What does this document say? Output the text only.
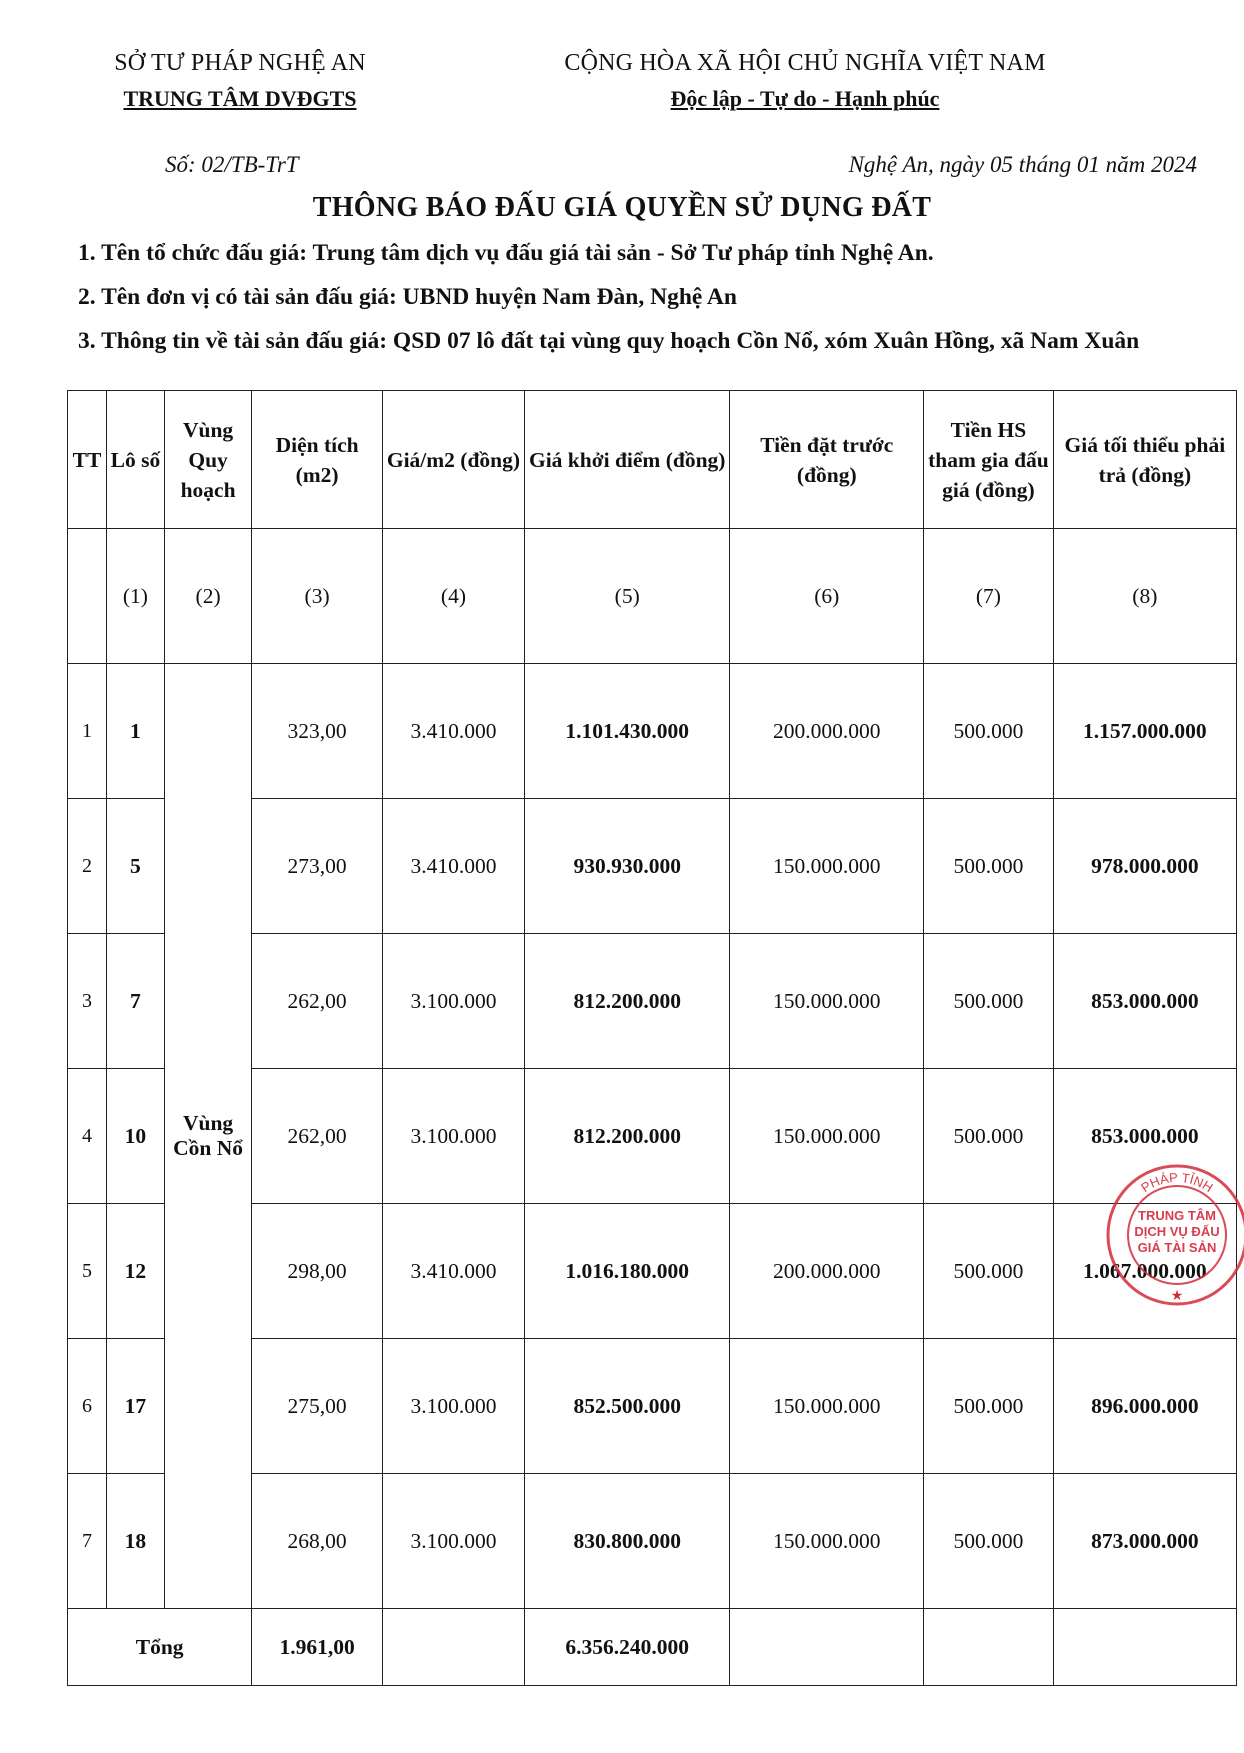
SỞ TƯ PHÁP NGHỆ AN
TRUNG TÂM DVĐGTS
CỘNG HÒA XÃ HỘI CHỦ NGHĨA VIỆT NAM
Độc lập - Tự do - Hạnh phúc
Số: 02/TB-TrT	Nghệ An, ngày 05 tháng 01 năm 2024
THÔNG BÁO ĐẤU GIÁ QUYỀN SỬ DỤNG ĐẤT
1. Tên tổ chức đấu giá: Trung tâm dịch vụ đấu giá tài sản - Sở Tư pháp tỉnh Nghệ An.
2. Tên đơn vị có tài sản đấu giá: UBND huyện Nam Đàn, Nghệ An
3. Thông tin về tài sản đấu giá: QSD 07 lô đất tại vùng quy hoạch Cồn Nổ, xóm Xuân Hồng, xã Nam Xuân
TT	Lô số	Vùng Quy hoạch	Diện tích (m2)	Giá/m2 (đồng)	Giá khởi điểm (đồng)	Tiền đặt trước (đồng)	Tiền HS tham gia đấu giá (đồng)	Giá tối thiểu phải trả (đồng)
	(1)	(2)	(3)	(4)	(5)	(6)	(7)	(8)
1	1	Vùng Cồn Nổ	323,00	3.410.000	1.101.430.000	200.000.000	500.000	1.157.000.000
2	5		273,00	3.410.000	930.930.000	150.000.000	500.000	978.000.000
3	7		262,00	3.100.000	812.200.000	150.000.000	500.000	853.000.000
4	10		262,00	3.100.000	812.200.000	150.000.000	500.000	853.000.000
5	12		298,00	3.410.000	1.016.180.000	200.000.000	500.000	1.067.000.000
6	17		275,00	3.100.000	852.500.000	150.000.000	500.000	896.000.000
7	18		268,00	3.100.000	830.800.000	150.000.000	500.000	873.000.000
Tổng			1.961,00		6.356.240.000			
PHÁP TỈNH
TRUNG TÂM DỊCH VỤ ĐẤU GIÁ TÀI SẢN
★
